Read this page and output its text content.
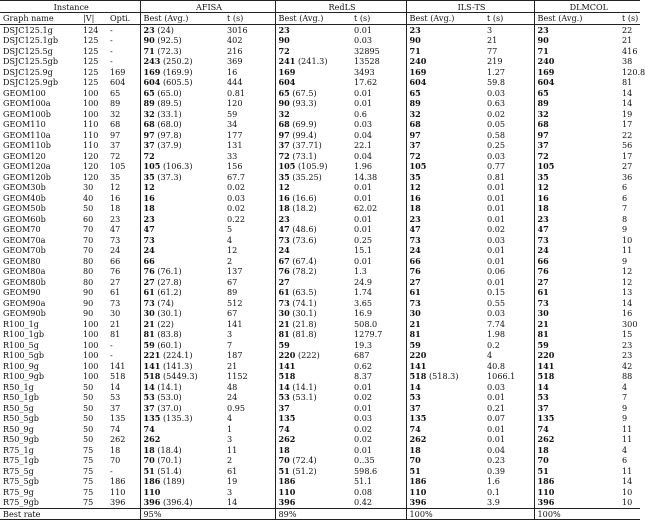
Instance			AFISA		RedLS		ILS-TS		DLMCOL	
Graph name	|V|	Opti.	Best (Avg.)	t (s)	Best (Avg.)	t (s)	Best (Avg.)	t (s)	Best (Avg.)	t (s)
DSJC125.1g	124	-	23 (24)	3016	23	0.01	23	3	23	22
DSJC125.1gb	125	-	90 (92.5)	402	90	0.03	90	21	90	21
DSJC125.5g	125	-	71 (72.3)	216	72	32895	71	77	71	416
DSJC125.5gb	125	-	243 (250.2)	369	241 (241.3)	13528	240	219	240	38
DSJC125.9g	125	169	169 (169.9)	16	169	3493	169	1.27	169	120.8
DSJC125.9gb	125	604	604 (605.5)	444	604	17.62	604	59.8	604	81
GEOM100	100	65	65 (65.0)	0.81	65 (67.5)	0.01	65	0.03	65	14
GEOM100a	100	89	89 (89.5)	120	90 (93.3)	0.01	89	0.63	89	14
GEOM100b	100	32	32 (33.1)	59	32	0.6	32	0.02	32	19
GEOM110	110	68	68 (68.0)	34	68 (69.9)	0.03	68	0.05	68	17
GEOM110a	110	97	97 (97.8)	177	97 (99.4)	0.04	97	0.58	97	22
GEOM110b	110	37	37 (37.9)	131	37 (37.71)	22.1	37	0.25	37	56
GEOM120	120	72	72	33	72 (73.1)	0.04	72	0.03	72	17
GEOM120a	120	105	105 (106.3)	156	105 (105.9)	1.96	105	0.77	105	27
GEOM120b	120	35	35 (37.3)	67.7	35 (35.25)	14.38	35	0.81	35	36
GEOM30b	30	12	12	0.02	12	0.01	12	0.01	12	6
GEOM40b	40	16	16	0.03	16 (16.6)	0.01	16	0.01	16	6
GEOM50b	50	18	18	0.02	18 (18.2)	62.02	18	0.01	18	7
GEOM60b	60	23	23	0.22	23	0.01	23	0.01	23	8
GEOM70	70	47	47	5	47 (48.6)	0.01	47	0.02	47	9
GEOM70a	70	73	73	4	73 (73.6)	0.25	73	0.03	73	10
GEOM70b	70	24	24	12	24	15.1	24	0.01	24	11
GEOM80	80	66	66	2	67 (67.4)	0.01	66	0.01	66	9
GEOM80a	80	76	76 (76.1)	137	76 (78.2)	1.3	76	0.06	76	12
GEOM80b	80	27	27 (27.8)	67	27	24.9	27	0.01	27	12
GEOM90	90	61	61 (61.2)	89	61 (63.5)	1.74	61	0.15	61	13
GEOM90a	90	73	73 (74)	512	73 (74.1)	3.65	73	0.55	73	14
GEOM90b	90	30	30 (30.1)	67	30 (30.1)	16.9	30	0.03	30	16
R100_1g	100	21	21 (22)	141	21 (21.8)	508.0	21	7.74	21	300
R100_1gb	100	81	81 (83.8)	3	81 (81.8)	1279.7	81	1.98	81	15
R100_5g	100	-	59 (60.1)	7	59	19.3	59	0.2	59	23
R100_5gb	100	-	221 (224.1)	187	220 (222)	687	220	4	220	23
R100_9g	100	141	141 (141.3)	21	141	0.62	141	40.8	141	42
R100_9gb	100	518	518 (5449.3)	1152	518	8.37	518 (518.3)	1066.1	518	88
R50_1g	50	14	14 (14.1)	48	14 (14.1)	0.01	14	0.03	14	4
R50_1gb	50	53	53 (53.0)	24	53 (53.1)	0.02	53	0.01	53	7
R50_5g	50	37	37 (37.0)	0.95	37	0.01	37	0.21	37	9
R50_5gb	50	135	135 (135.3)	4	135	0.03	135	0.07	135	9
R50_9g	50	74	74	1	74	0.02	74	0.01	74	11
R50_9gb	50	262	262	3	262	0.02	262	0.01	262	11
R75_1g	75	18	18 (18.4)	11	18	0.01	18	0.04	18	4
R75_1gb	75	70	70 (70.1)	2	70 (72.4)	0..35	70	0.23	70	6
R75_5g	75	-	51 (51.4)	61	51 (51.2)	598.6	51	0.39	51	11
R75_5gb	75	186	186 (189)	19	186	51.1	186	1.6	186	14
R75_9g	75	110	110	3	110	0.08	110	0.1	110	10
R75_9gb	75	396	396 (396.4)	14	396	0.42	396	3.9	396	10
Best rate			95%		89%		100%		100%	
